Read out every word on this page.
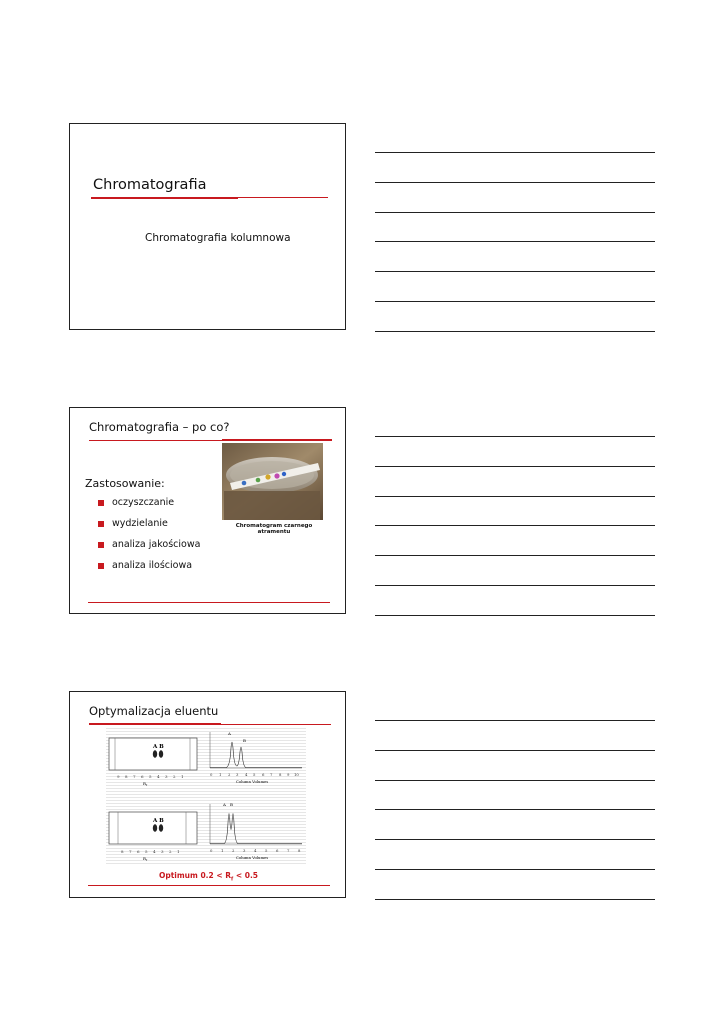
Chromatografia
Chromatografia kolumnowa
Chromatografia – po co?
Zastosowanie:
oczyszczanie
wydzielanie
analiza jakościowa
analiza ilościowa
Chromatogram czarnego atramentu
Optymalizacja eluentu
A B
9 8 7 6 5 4 3 2 1
R f
A
B
0 1 2 3 4 5 6 7 8 9 10
Column Volumes
A B
8 7 6 5 4 3 2 1
R f
A B
0 1 2 3 4 5 6 7 8
Column Volumes
Optimum $0.2 < R_f < 0.5$
